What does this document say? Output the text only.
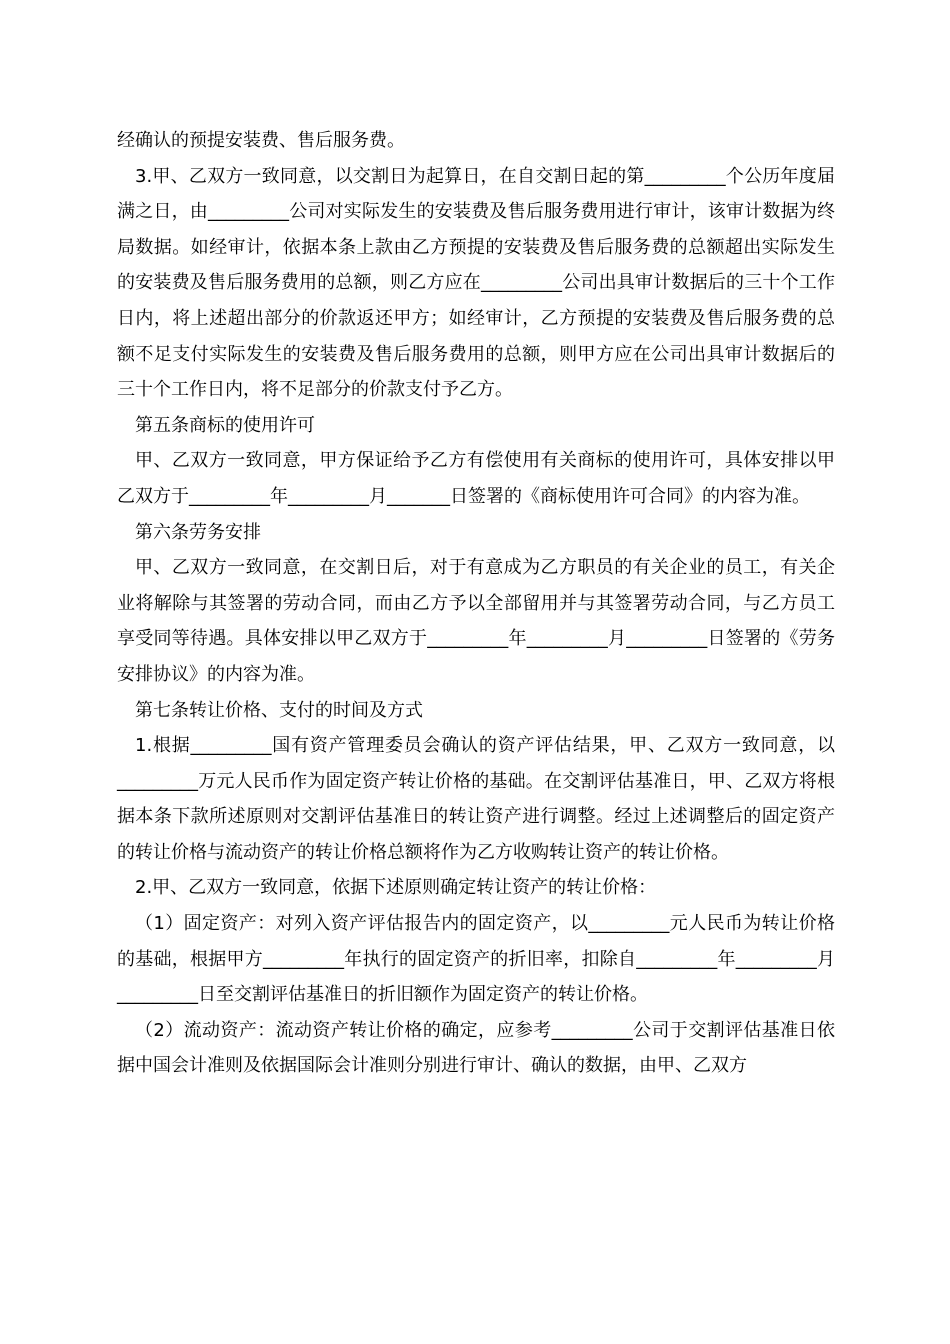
经确认的预提安装费、售后服务费。

3.甲、乙双方一致同意，以交割日为起算日，在自交割日起的第_________个公历年度届满之日，由_________公司对实际发生的安装费及售后服务费用进行审计，该审计数据为终局数据。如经审计，依据本条上款由乙方预提的安装费及售后服务费的总额超出实际发生的安装费及售后服务费用的总额，则乙方应在_________公司出具审计数据后的三十个工作日内，将上述超出部分的价款返还甲方；如经审计，乙方预提的安装费及售后服务费的总额不足支付实际发生的安装费及售后服务费用的总额，则甲方应在公司出具审计数据后的三十个工作日内，将不足部分的价款支付予乙方。

第五条商标的使用许可

甲、乙双方一致同意，甲方保证给予乙方有偿使用有关商标的使用许可，具体安排以甲乙双方于_________年_________月_______日签署的《商标使用许可合同》的内容为准。

第六条劳务安排

甲、乙双方一致同意，在交割日后，对于有意成为乙方职员的有关企业的员工，有关企业将解除与其签署的劳动合同，而由乙方予以全部留用并与其签署劳动合同，与乙方员工享受同等待遇。具体安排以甲乙双方于_________年_________月_________日签署的《劳务安排协议》的内容为准。

第七条转让价格、支付的时间及方式

1.根据_________国有资产管理委员会确认的资产评估结果，甲、乙双方一致同意，以_________万元人民币作为固定资产转让价格的基础。在交割评估基准日，甲、乙双方将根据本条下款所述原则对交割评估基准日的转让资产进行调整。经过上述调整后的固定资产的转让价格与流动资产的转让价格总额将作为乙方收购转让资产的转让价格。

2.甲、乙双方一致同意，依据下述原则确定转让资产的转让价格：

（1）固定资产：对列入资产评估报告内的固定资产，以_________元人民币为转让价格的基础，根据甲方_________年执行的固定资产的折旧率，扣除自_________年_________月_________日至交割评估基准日的折旧额作为固定资产的转让价格。

（2）流动资产：流动资产转让价格的确定，应参考_________公司于交割评估基准日依据中国会计准则及依据国际会计准则分别进行审计、确认的数据，由甲、乙双方
